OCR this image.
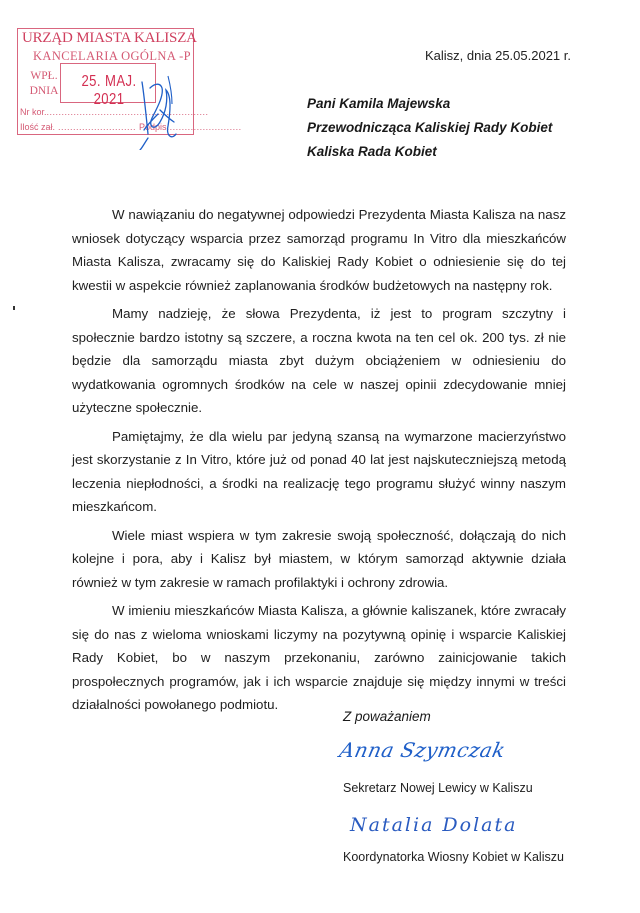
URZĄD MIASTA KALISZA
KANCELARIA OGÓLNA -P
WPŁ.
DNIA
25. MAJ. 2021
Nr kor.......................................................
Ilość zał. .......................... Podpis.........................
Kalisz, dnia 25.05.2021 r.
Pani Kamila Majewska
Przewodnicząca Kaliskiej Rady Kobiet
Kaliska Rada Kobiet

W nawiązaniu do negatywnej odpowiedzi Prezydenta Miasta Kalisza na nasz wniosek dotyczący wsparcia przez samorząd programu In Vitro dla mieszkańców Miasta Kalisza, zwracamy się do Kaliskiej Rady Kobiet o odniesienie się do tej kwestii w aspekcie również zaplanowania środków budżetowych na następny rok.

Mamy nadzieję, że słowa Prezydenta, iż jest to program szczytny i społecznie bardzo istotny są szczere, a roczna kwota na ten cel ok. 200 tys. zł nie będzie dla samorządu miasta zbyt dużym obciążeniem w odniesieniu do wydatkowania ogromnych środków na cele w naszej opinii zdecydowanie mniej użyteczne społecznie.

Pamiętajmy, że dla wielu par jedyną szansą na wymarzone macierzyństwo jest skorzystanie z In Vitro, które już od ponad 40 lat jest najskuteczniejszą metodą leczenia niepłodności, a środki na realizację tego programu służyć winny naszym mieszkańcom.

Wiele miast wspiera w tym zakresie swoją społeczność, dołączają do nich kolejne i pora, aby i Kalisz był miastem, w którym samorząd aktywnie działa również w tym zakresie w ramach profilaktyki i ochrony zdrowia.

W imieniu mieszkańców Miasta Kalisza, a głównie kaliszanek, które zwracały się do nas z wieloma wnioskami liczymy na pozytywną opinię i wsparcie Kaliskiej Rady Kobiet, bo w naszym przekonaniu, zarówno zainicjowanie takich prospołecznych programów, jak i ich wsparcie znajduje się między innymi w treści działalności powołanego podmiotu.

Z poważaniem
Anna Szymczak
Sekretarz Nowej Lewicy w Kaliszu
Natalia Dolata
Koordynatorka Wiosny Kobiet w Kaliszu
